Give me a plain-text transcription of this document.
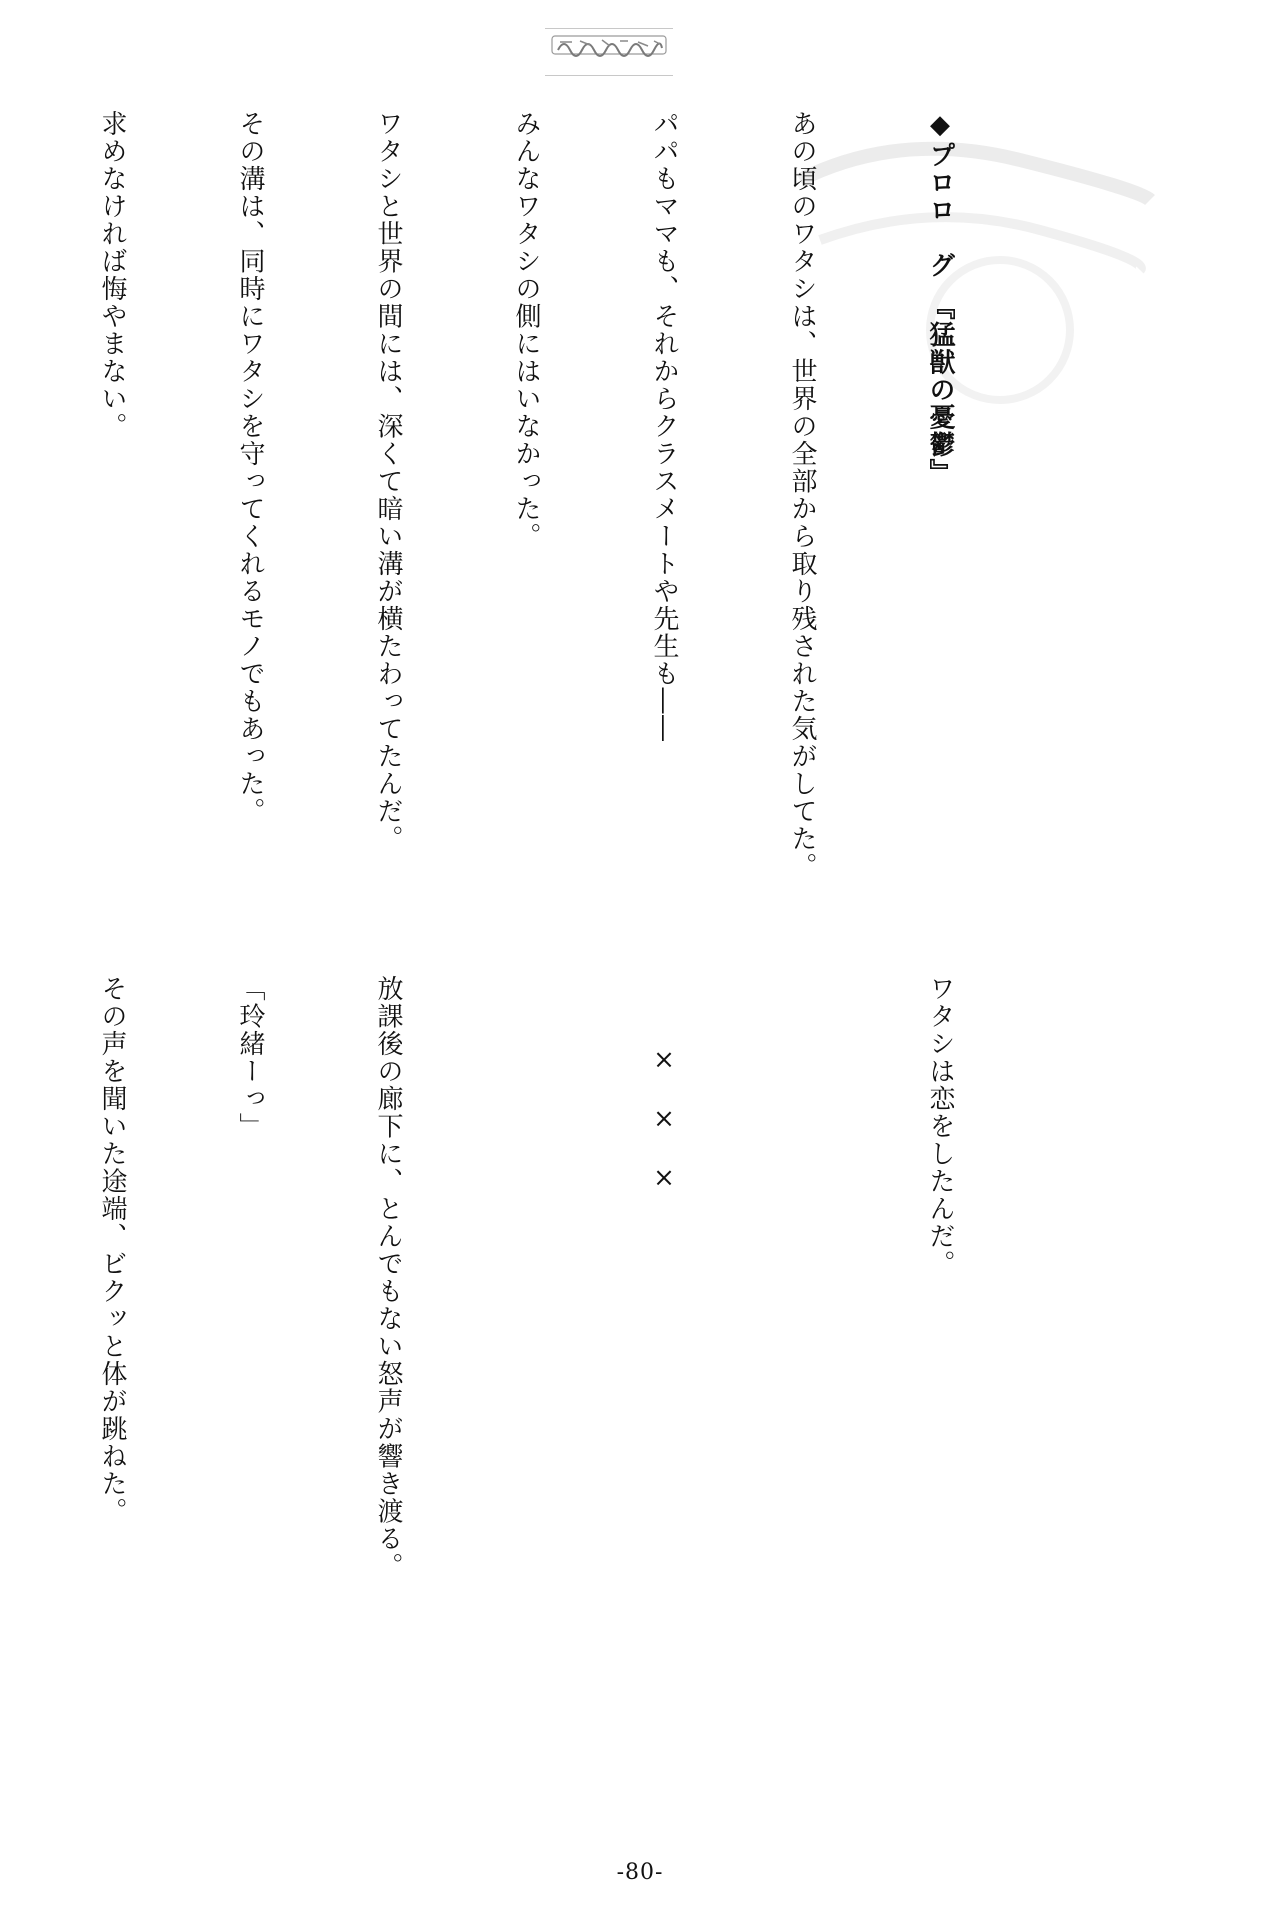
◆プロロ　グ　『猛獣の憂鬱』

あの頃のワタシは、世界の全部から取り残された気がしてた。

パパもママも、それからクラスメートや先生も――

みんなワタシの側にはいなかった。

ワタシと世界の間には、深くて暗い溝が横たわってたんだ。

その溝は、同時にワタシを守ってくれるモノでもあった。

求めなければ悔やまない。

ワタシは恋をしたんだ。

×　×　×

放課後の廊下に、とんでもない怒声が響き渡る。

「玲緒ーっ」

その声を聞いた途端、ビクッと体が跳ねた。

-80-
